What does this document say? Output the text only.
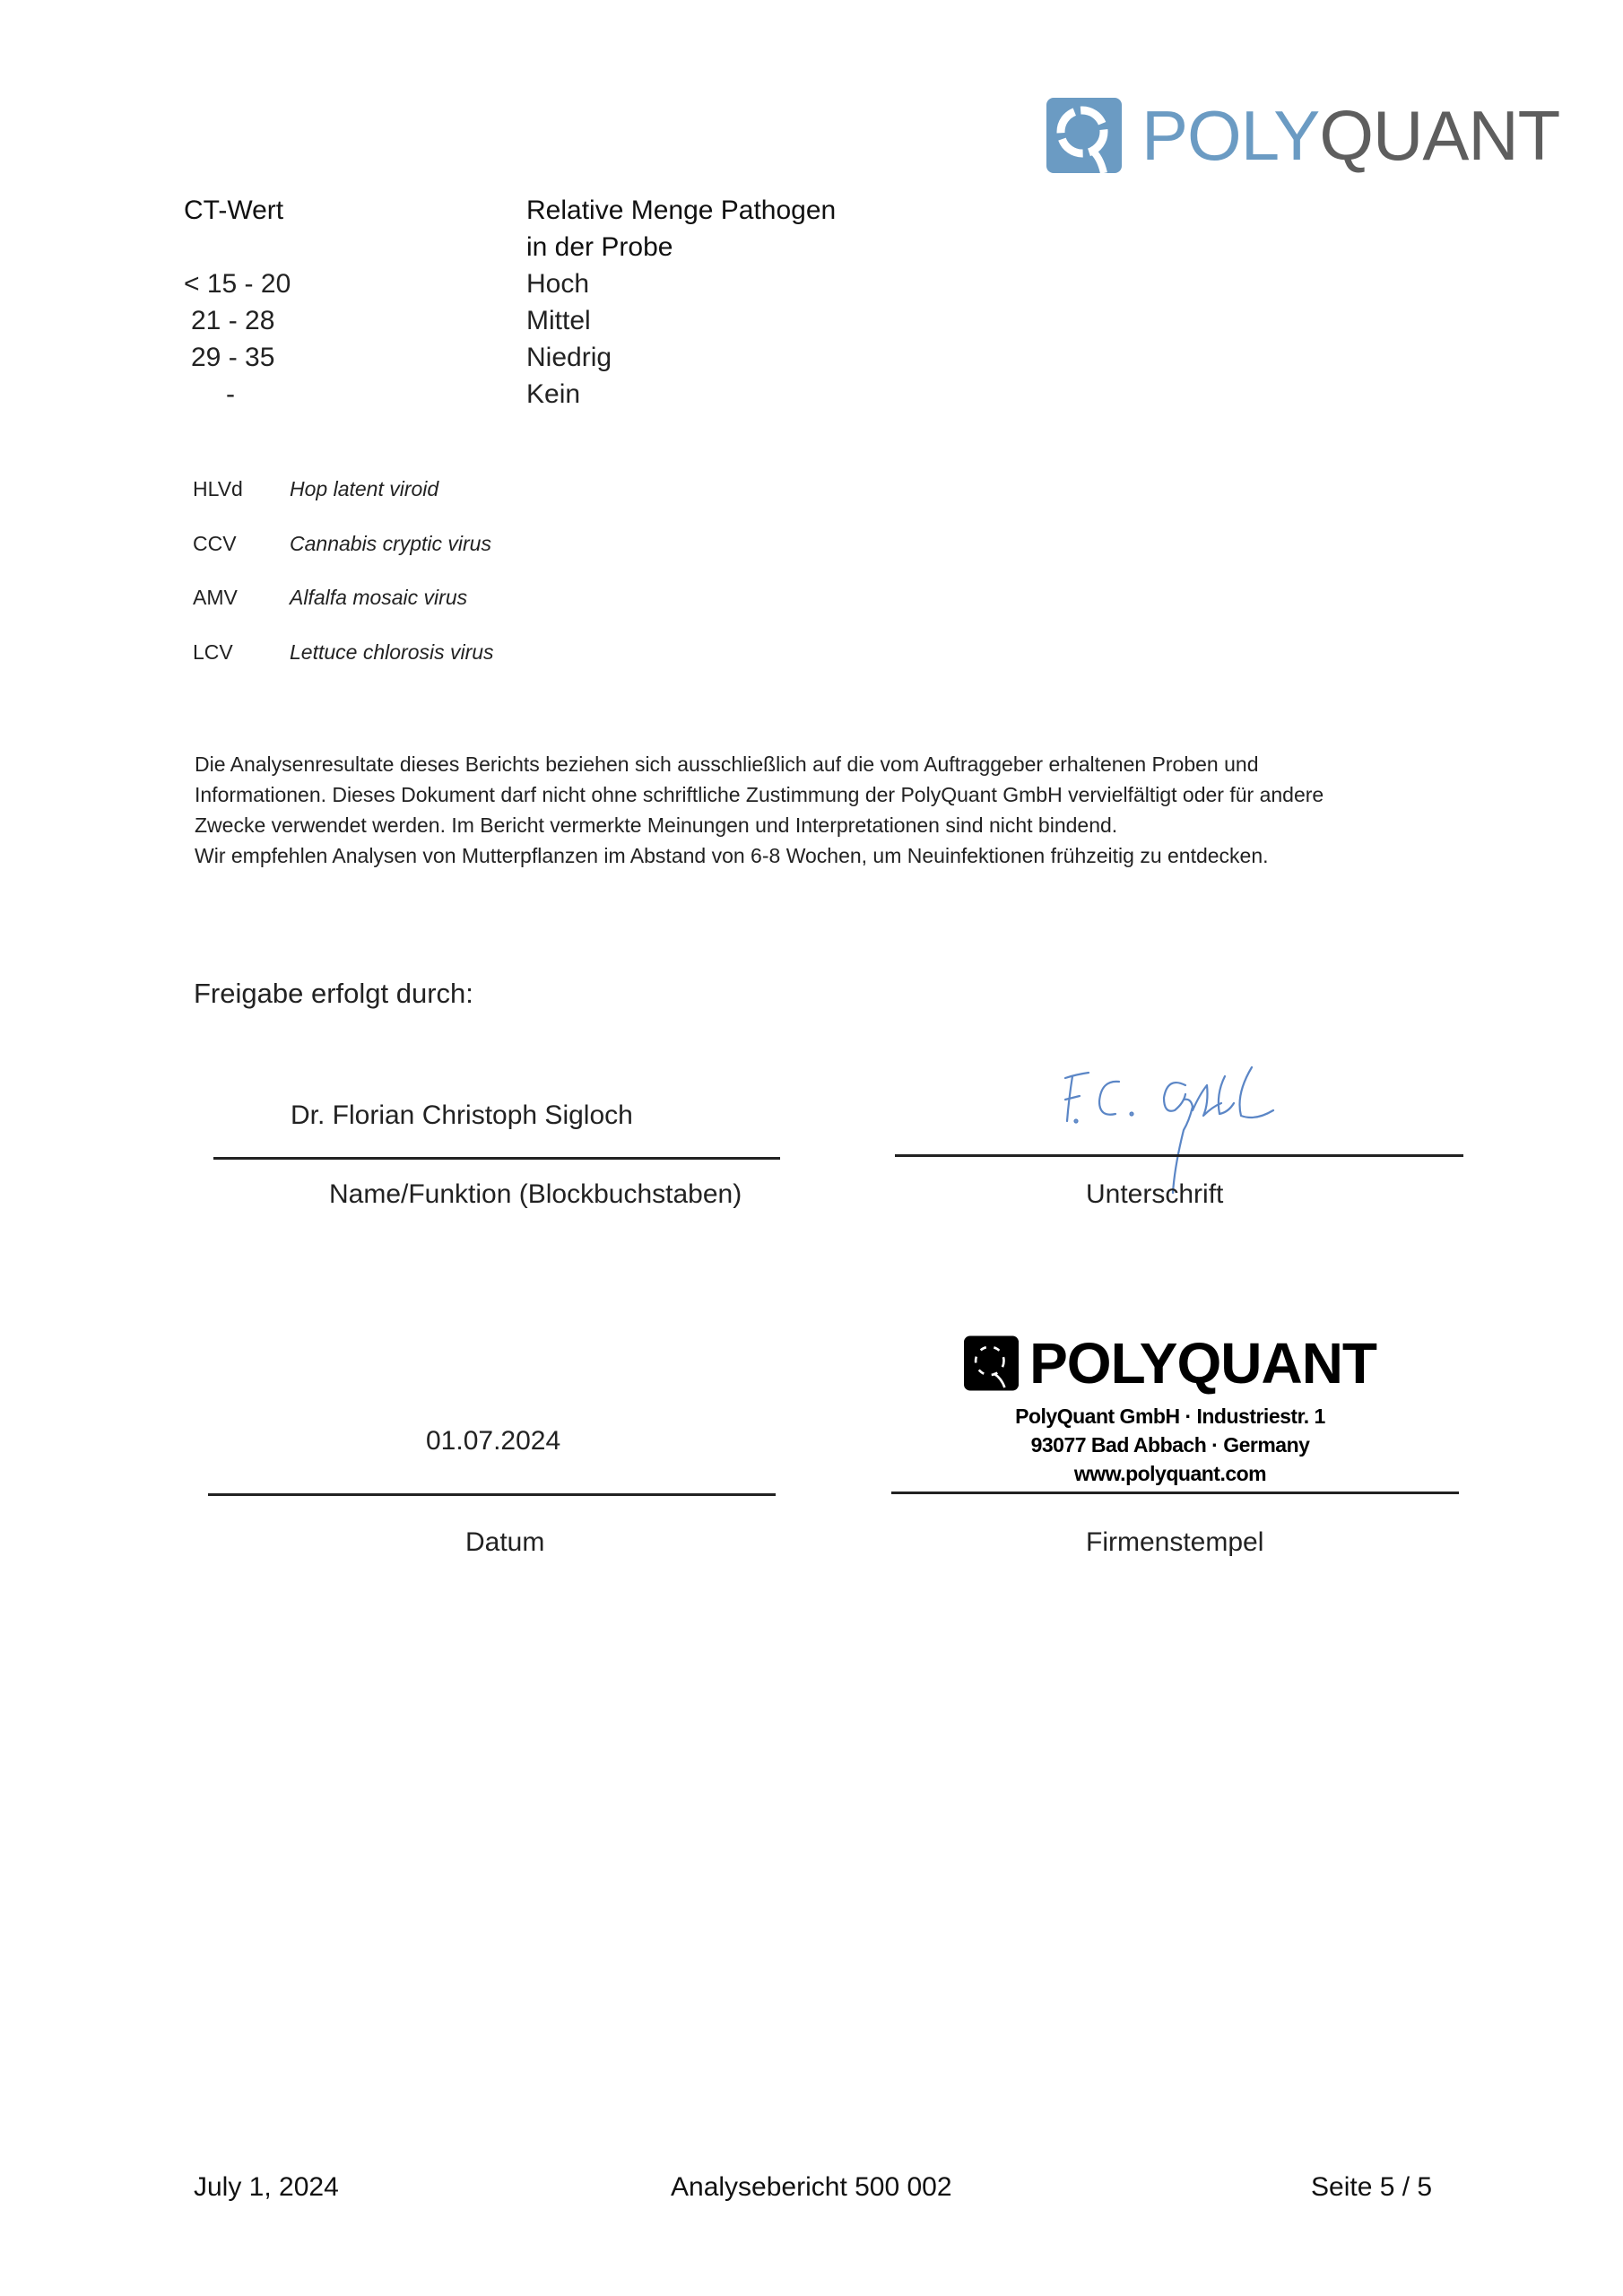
POLY QUANT
CT-Wert	Relative Menge Pathogen
in der Probe
< 15 - 20	Hoch
21 - 28	Mittel
29 - 35	Niedrig
-	Kein
HLVd Hop latent viroid
CCV	Cannabis cryptic virus
AMV	Alfalfa mosaic virus
LCV	Lettuce chlorosis virus

Die Analysenresultate dieses Berichts beziehen sich ausschließlich auf die vom Auftraggeber erhaltenen Proben und

Informationen. Dieses Dokument darf nicht ohne schriftliche Zustimmung der PolyQuant GmbH vervielfältigt oder für andere

Zwecke verwendet werden. Im Bericht vermerkte Meinungen und Interpretationen sind nicht bindend.

Wir empfehlen Analysen von Mutterpflanzen im Abstand von 6-8 Wochen, um Neuinfektionen frühzeitig zu entdecken.

Freigabe erfolgt durch:
Dr. Florian Christoph Sigloch
Name/Funktion (Blockbuchstaben)	Unterschrift
01.07.2024
Datum
POLYQUANT
PolyQuant GmbH · Industriestr. 1
93077 Bad Abbach · Germany
www.polyquant.com
Firmenstempel
July 1, 2024	Analysebericht 500 002	Seite 5 / 5
